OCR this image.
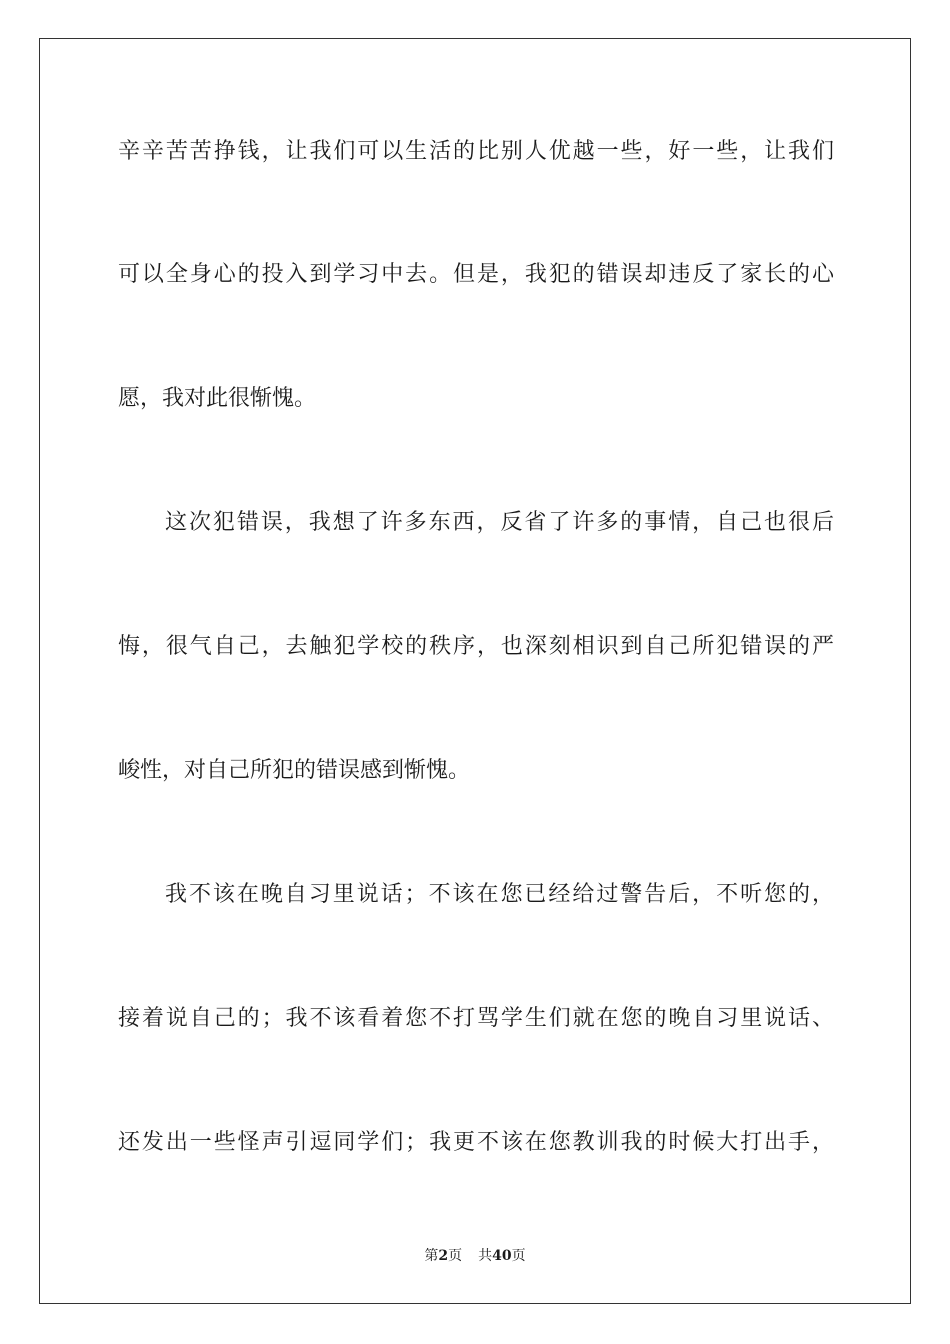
辛辛苦苦挣钱，让我们可以生活的比别人优越一些，好一些，让我们
可以全身心的投入到学习中去。但是，我犯的错误却违反了家长的心
愿，我对此很惭愧。
这次犯错误，我想了许多东西，反省了许多的事情，自己也很后
悔，很气自己，去触犯学校的秩序，也深刻相识到自己所犯错误的严
峻性，对自己所犯的错误感到惭愧。
我不该在晚自习里说话；不该在您已经给过警告后，不听您的，
接着说自己的；我不该看着您不打骂学生们就在您的晚自习里说话、
还发出一些怪声引逗同学们；我更不该在您教训我的时候大打出手，
第2页 共40页
